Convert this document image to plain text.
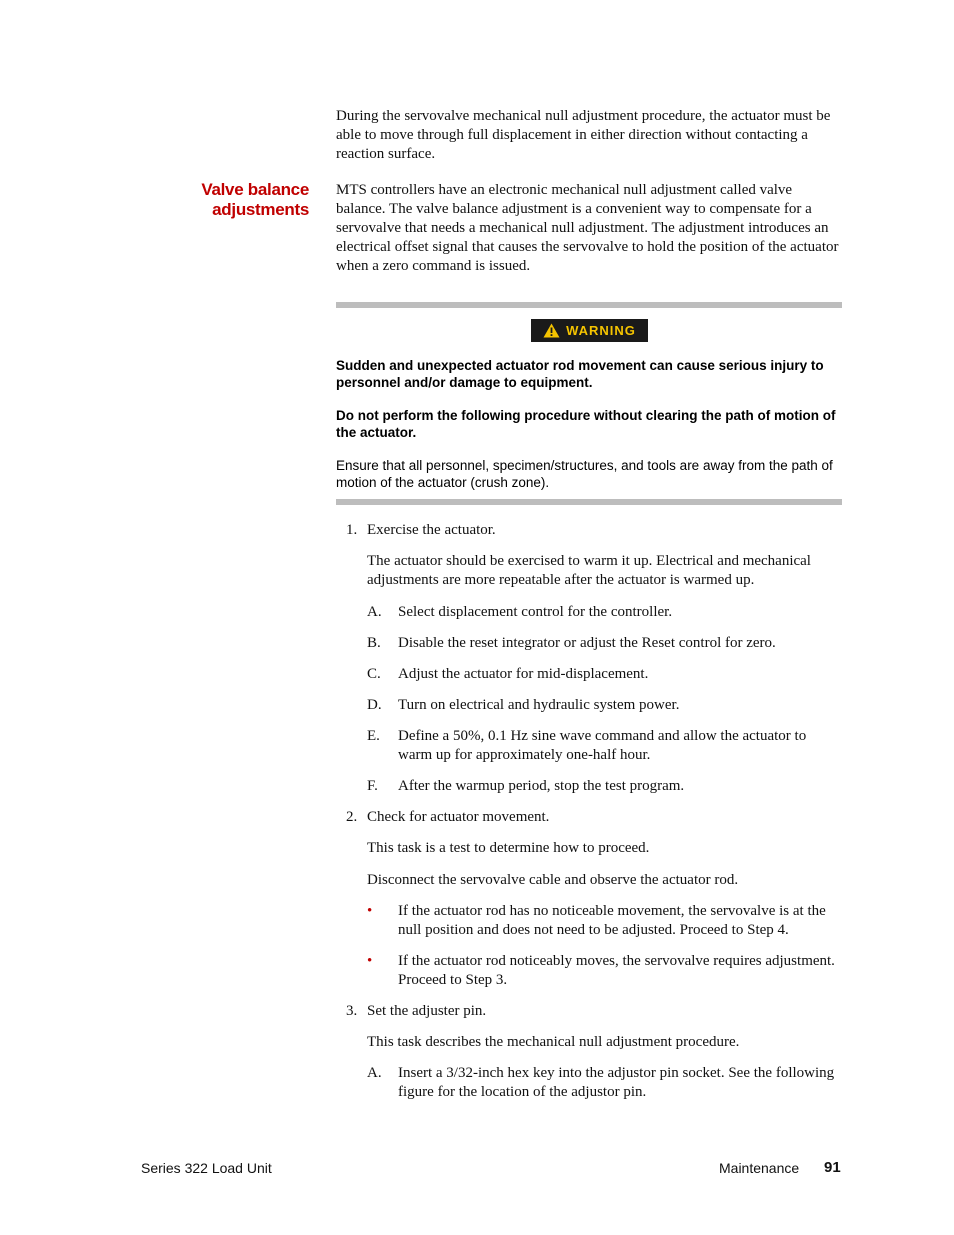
During the servovalve mechanical null adjustment procedure, the actuator must be able to move through full displacement in either direction without contacting a reaction surface.

Valve balance
adjustments

MTS controllers have an electronic mechanical null adjustment called valve balance. The valve balance adjustment is a convenient way to compensate for a servovalve that needs a mechanical null adjustment. The adjustment introduces an electrical offset signal that causes the servovalve to hold the position of the actuator when a zero command is issued.

WARNING

Sudden and unexpected actuator rod movement can cause serious injury to personnel and/or damage to equipment.

Do not perform the following procedure without clearing the path of motion of the actuator.

Ensure that all personnel, specimen/structures, and tools are away from the path of motion of the actuator (crush zone).

1. Exercise the actuator.

The actuator should be exercised to warm it up. Electrical and mechanical adjustments are more repeatable after the actuator is warmed up.

A. Select displacement control for the controller.
B. Disable the reset integrator or adjust the Reset control for zero.
C. Adjust the actuator for mid-displacement.
D. Turn on electrical and hydraulic system power.
E. Define a 50%, 0.1 Hz sine wave command and allow the actuator to warm up for approximately one-half hour.

F. After the warmup period, stop the test program.
2. Check for actuator movement.
This task is a test to determine how to proceed.
Disconnect the servovalve cable and observe the actuator rod.
• If the actuator rod has no noticeable movement, the servovalve is at the null position and does not need to be adjusted. Proceed to Step 4.

• If the actuator rod noticeably moves, the servovalve requires adjustment. Proceed to Step 3.

3. Set the adjuster pin.
This task describes the mechanical null adjustment procedure.
A. Insert a 3/32-inch hex key into the adjustor pin socket. See the following figure for the location of the adjustor pin.

Series 322 Load Unit	Maintenance 91
